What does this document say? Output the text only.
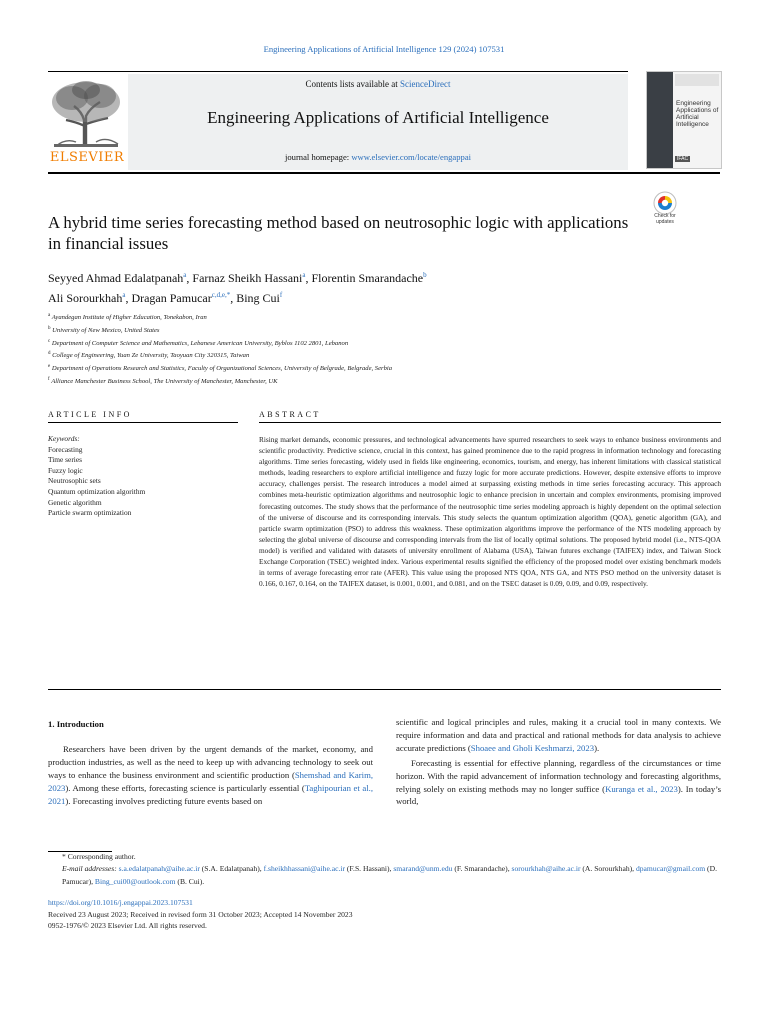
Engineering Applications of Artificial Intelligence 129 (2024) 107531
ELSEVIER
Contents lists available at ScienceDirect
Engineering Applications of Artificial Intelligence
journal homepage: www.elsevier.com/locate/engappai
Engineering Applications of Artificial Intelligence
IFAC
Check for updates
A hybrid time series forecasting method based on neutrosophic logic with applications in financial issues
Seyyed Ahmad Edalatpanah$^a$, Farnaz Sheikh Hassani$^a$, Florentin Smarandache$^b$
Ali Sorourkhah$^a$, Dragan Pamucar$^{c,d,e,*}$, Bing Cui$^f$
$^a$ Ayandegan Institute of Higher Education, Tonekabon, Iran
$^b$ University of New Mexico, United States
$^c$ Department of Computer Science and Mathematics, Lebanese American University, Byblos 1102 2801, Lebanon
$^d$ College of Engineering, Yuan Ze University, Taoyuan City 320315, Taiwan
$^e$ Department of Operations Research and Statistics, Faculty of Organizational Sciences, University of Belgrade, Belgrade, Serbia
$^f$ Alliance Manchester Business School, The University of Manchester, Manchester, UK
ARTICLE INFO	ABSTRACT
Keywords:
Forecasting
Time series
Fuzzy logic
Neutrosophic sets
Quantum optimization algorithm
Genetic algorithm
Particle swarm optimization
Rising market demands, economic pressures, and technological advancements have spurred researchers to seek ways to enhance business environments and scientific productivity. Predictive science, crucial in this context, has gained prominence due to the rapid progress in information technology and forecasting algorithms. Time series forecasting, widely used in fields like engineering, economics, tourism, and energy, has inherent limitations with classical statistical methods, leading researchers to explore artificial intelligence and fuzzy logic for more accurate predictions. However, despite extensive efforts to improve accuracy, challenges persist. The research introduces a model aimed at surpassing existing methods in time series forecasting accuracy. This approach combines meta-heuristic optimization algorithms and neutrosophic logic to enhance precision in uncertain and complex environments, promising improved forecasting outcomes. The study shows that the performance of the neutrosophic time series modeling approach is highly dependent on the optimal selection of the universe of discourse and its corresponding intervals. This study selects the quantum optimization algorithm (QOA), genetic algorithm (GA), and particle swarm optimization (PSO) to address this weakness. These optimization algorithms improve the performance of the NTS modeling approach by selecting the global universe of discourse and corresponding intervals from the list of locally optimal solutions. The proposed hybrid model (i.e., NTS-QOA model) is verified and validated with datasets of university enrollment of Alabama (USA), Taiwan futures exchange (TAIFEX) index, and Taiwan Stock Exchange Corporation (TSEC) weighted index. Various experimental results signified the efficiency of the proposed model over existing benchmark models in terms of average forecasting error rate (AFER). This value using the proposed NTS QOA, NTS GA, and NTS PSO method on the university dataset is 0.166, 0.167, 0.164, on the TAIFEX dataset, is 0.001, 0.001, and 0.081, and on the TSEC dataset is 0.09, 0.09, and 0.09, respectively.
1. Introduction

Researchers have been driven by the urgent demands of the market, economy, and production industries, as well as the need to keep up with advancing technology to seek out ways to enhance the business environment and scientific production (Shemshad and Karim, 2023). Among these efforts, forecasting science is particularly essential (Taghipourian et al., 2021). Forecasting involves predicting future events based on

scientific and logical principles and rules, making it a crucial tool in many contexts. We require information and data and practical and rational methods for data analysis to achieve accurate predictions (Shoaee and Gholi Keshmarzi, 2023).

Forecasting is essential for effective planning, regardless of the circumstances or time horizon. With the rapid advancement of information technology and forecasting algorithms, relying solely on existing methods may no longer suffice (Kuranga et al., 2023). In today’s world,

* Corresponding author.
E-mail addresses: s.a.edalatpanah@aihe.ac.ir (S.A. Edalatpanah), f.sheikhhassani@aihe.ac.ir (F.S. Hassani), smarand@unm.edu (F. Smarandache), sorourkhah@aihe.ac.ir (A. Sorourkhah), dpamucar@gmail.com (D. Pamucar), Bing_cui00@outlook.com (B. Cui).
https://doi.org/10.1016/j.engappai.2023.107531
Received 23 August 2023; Received in revised form 31 October 2023; Accepted 14 November 2023
0952-1976/© 2023 Elsevier Ltd. All rights reserved.
